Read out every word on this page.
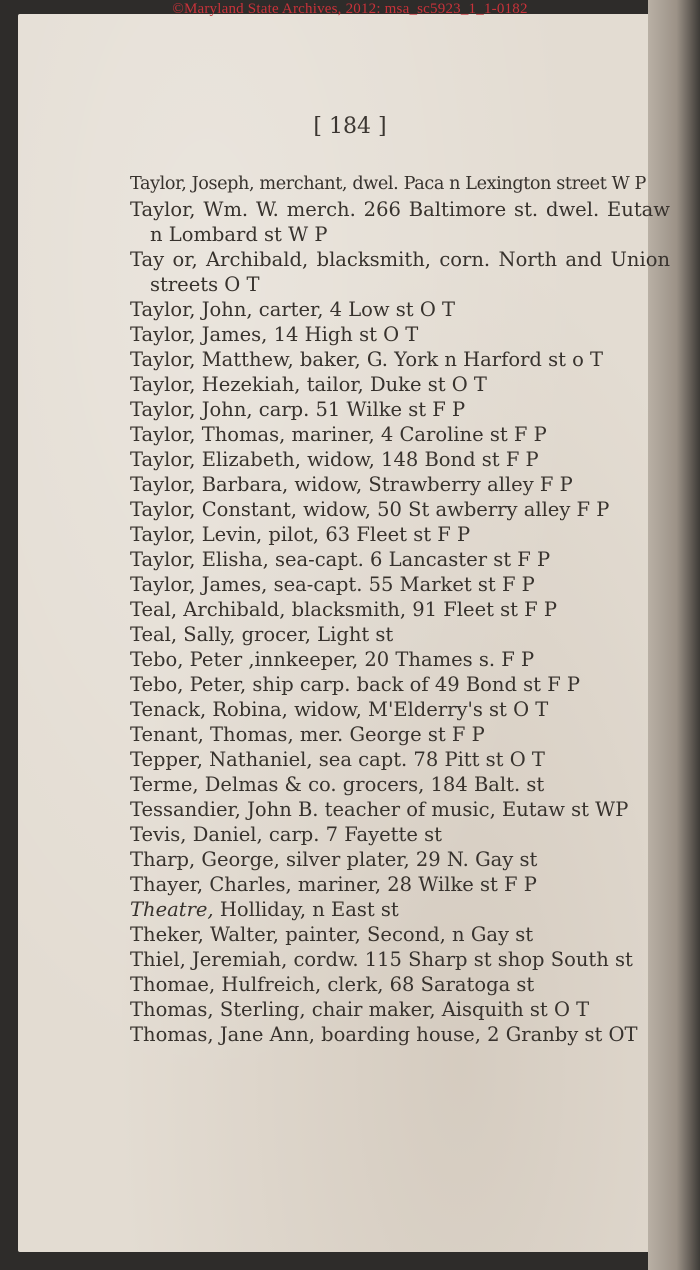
©Maryland State Archives, 2012: msa_sc5923_1_1-0182
[ 184 ]
Taylor, Joseph, merchant, dwel. Paca n Lexington street W P
Taylor, Wm. W. merch. 266 Baltimore st. dwel. Eutaw n Lombard st W P
Tay or, Archibald, blacksmith, corn. North and Union streets O T
Taylor, John, carter, 4 Low st O T
Taylor, James, 14 High st O T
Taylor, Matthew, baker, G. York n Harford st o T
Taylor, Hezekiah, tailor, Duke st O T
Taylor, John, carp. 51 Wilke st F P
Taylor, Thomas, mariner, 4 Caroline st F P
Taylor, Elizabeth, widow, 148 Bond st F P
Taylor, Barbara, widow, Strawberry alley F P
Taylor, Constant, widow, 50 St awberry alley F P
Taylor, Levin, pilot, 63 Fleet st F P
Taylor, Elisha, sea-capt. 6 Lancaster st F P
Taylor, James, sea-capt. 55 Market st F P
Teal, Archibald, blacksmith, 91 Fleet st F P
Teal, Sally, grocer, Light st
Tebo, Peter ,innkeeper, 20 Thames s. F P
Tebo, Peter, ship carp. back of 49 Bond st F P
Tenack, Robina, widow, M'Elderry's st O T
Tenant, Thomas, mer. George st F P
Tepper, Nathaniel, sea capt. 78 Pitt st O T
Terme, Delmas & co. grocers, 184 Balt. st
Tessandier, John B. teacher of music, Eutaw st WP
Tevis, Daniel, carp. 7 Fayette st
Tharp, George, silver plater, 29 N. Gay st
Thayer, Charles, mariner, 28 Wilke st F P
Theatre, Holliday, n East st
Theker, Walter, painter, Second, n Gay st
Thiel, Jeremiah, cordw. 115 Sharp st shop South st
Thomae, Hulfreich, clerk, 68 Saratoga st
Thomas, Sterling, chair maker, Aisquith st O T
Thomas, Jane Ann, boarding house, 2 Granby st OT
